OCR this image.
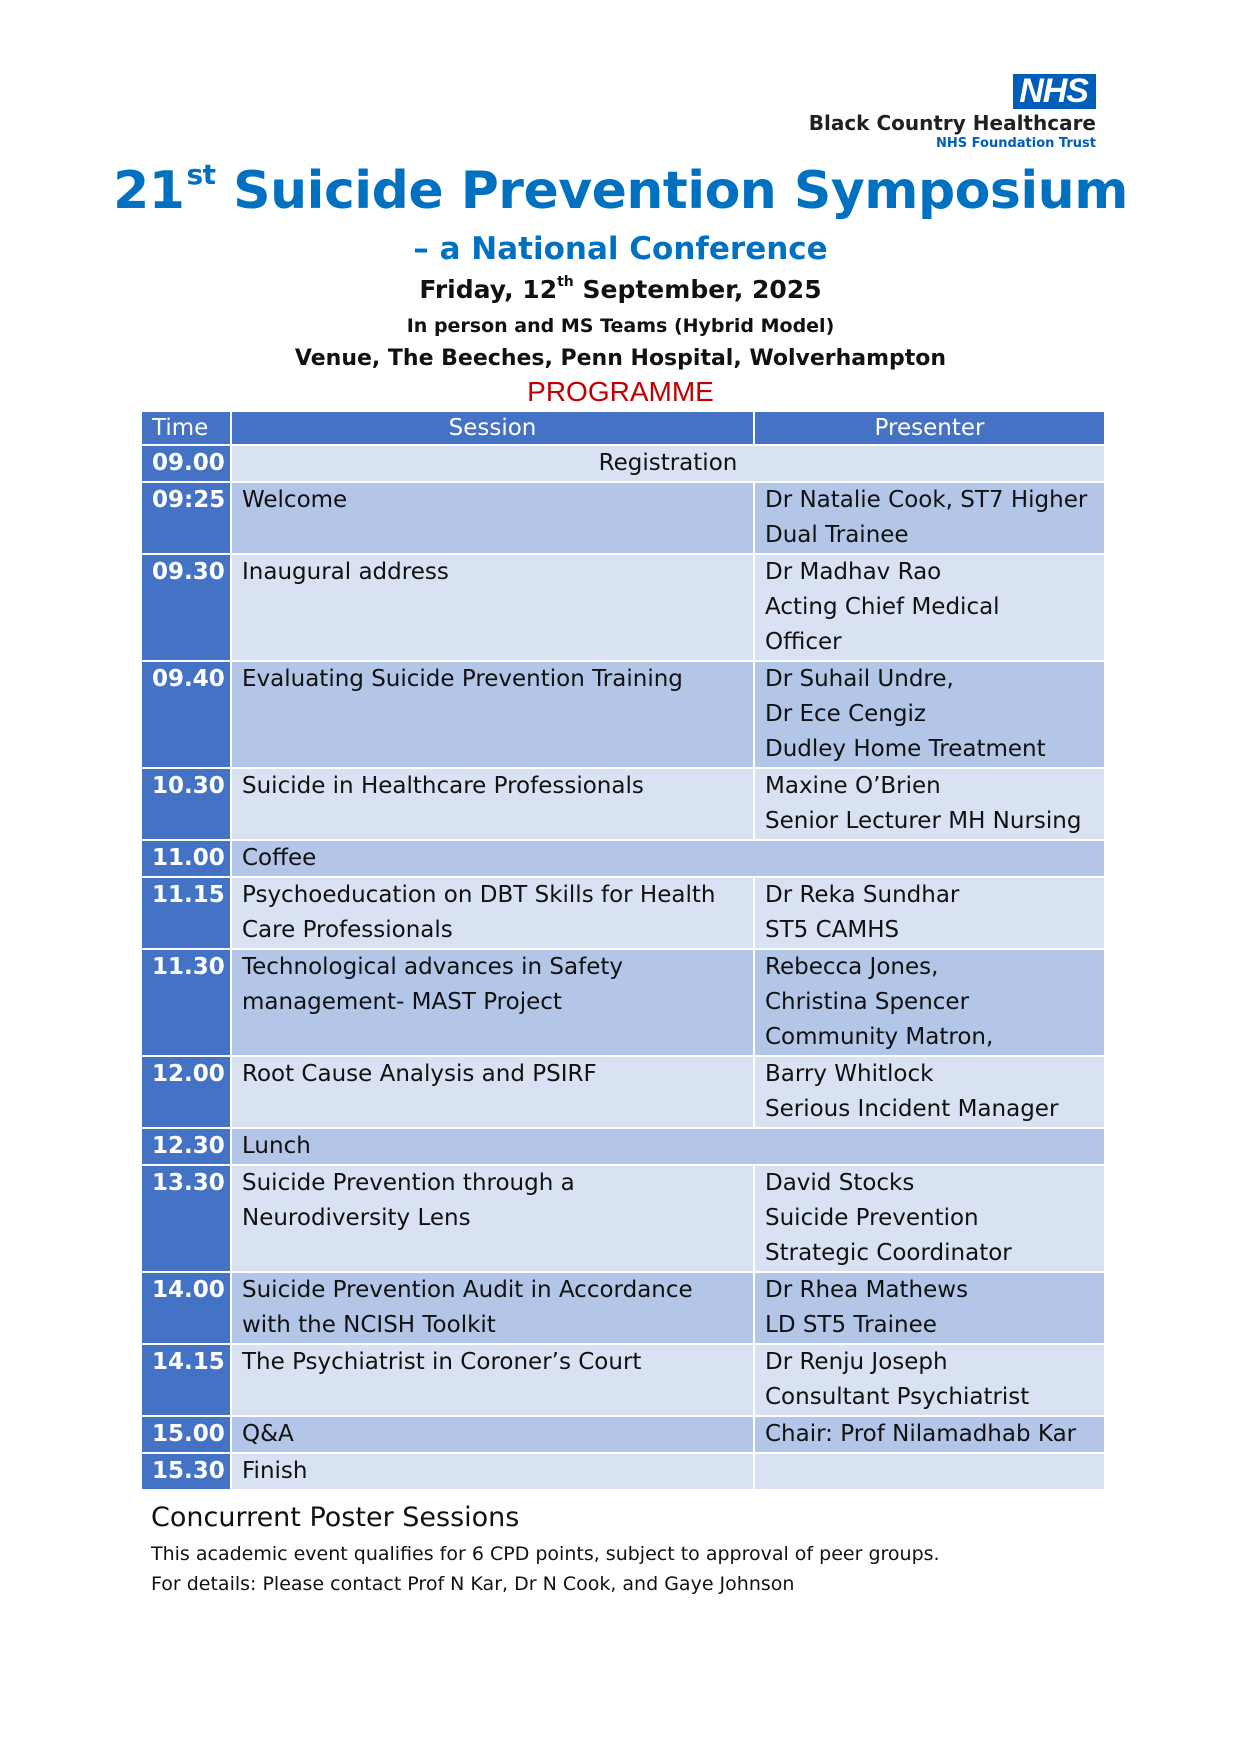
NHS
Black Country Healthcare
NHS Foundation Trust
21st Suicide Prevention Symposium
– a National Conference
Friday, 12th September, 2025
In person and MS Teams (Hybrid Model)
Venue, The Beeches, Penn Hospital, Wolverhampton
PROGRAMME
Time	Session	Presenter
09.00	Registration	
09:25	Welcome	Dr Natalie Cook, ST7 Higher
Dual Trainee

09.30	Inaugural address	Dr Madhav Rao
Acting Chief Medical
Officer

09.40	Evaluating Suicide Prevention Training	Dr Suhail Undre,
Dr Ece Cengiz
Dudley Home Treatment

10.30	Suicide in Healthcare Professionals	Maxine O’Brien
Senior Lecturer MH Nursing

11.00	Coffee	

11.15	Psychoeducation on DBT Skills for Health
Care Professionals	Dr Reka Sundhar
ST5 CAMHS

11.30	Technological advances in Safety
management- MAST Project	Rebecca Jones,
Christina Spencer
Community Matron,

12.00	Root Cause Analysis and PSIRF	Barry Whitlock
Serious Incident Manager

12.30	Lunch	

13.30	Suicide Prevention through a
Neurodiversity Lens	David Stocks
Suicide Prevention
Strategic Coordinator

14.00	Suicide Prevention Audit in Accordance
with the NCISH Toolkit	Dr Rhea Mathews
LD ST5 Trainee

14.15	The Psychiatrist in Coroner’s Court	Dr Renju Joseph
Consultant Psychiatrist

15.00	Q&A	Chair: Prof Nilamadhab Kar

15.30	Finish	

Concurrent Poster Sessions
This academic event qualifies for 6 CPD points, subject to approval of peer groups.
For details: Please contact Prof N Kar, Dr N Cook, and Gaye Johnson
